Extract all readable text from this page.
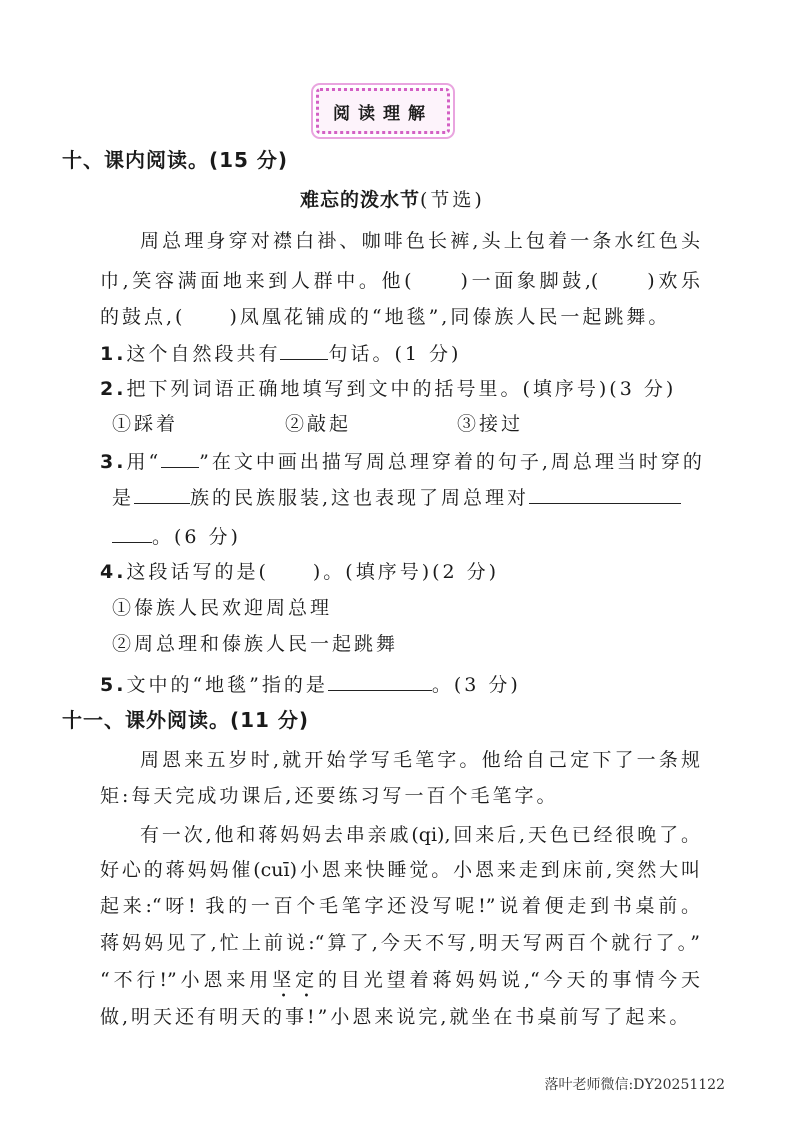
阅读理解
十、课内阅读。(15 分)
难忘的泼水节(节选)
周总理身穿对襟白褂、咖啡色长裤,头上包着一条水红色头
巾,笑容满面地来到人群中。他(　　)一面象脚鼓,(　　)欢乐
的鼓点,(　　)凤凰花铺成的“地毯”,同傣族人民一起跳舞。
1.这个自然段共有	句话。(1 分)
2.把下列词语正确地填写到文中的括号里。(填序号)(3 分)
①踩着	②敲起	③接过
3.用“ ”在文中画出描写周总理穿着的句子,周总理当时穿的
是	族的民族服装,这也表现了周总理对
。(6 分)
4.这段话写的是(　　)。(填序号)(2 分)
①傣族人民欢迎周总理
②周总理和傣族人民一起跳舞
5.文中的“地毯”指的是	。(3 分)
十一、课外阅读。(11 分)
周恩来五岁时,就开始学写毛笔字。他给自己定下了一条规
矩:每天完成功课后,还要练习写一百个毛笔字。
有一次,他和蒋妈妈去串亲戚(qi),回来后,天色已经很晚了。
好心的蒋妈妈催(cuī)小恩来快睡觉。小恩来走到床前,突然大叫
起来:“呀! 我的一百个毛笔字还没写呢!”说着便走到书桌前。
蒋妈妈见了,忙上前说:“算了,今天不写,明天写两百个就行了。”
“不行!”小恩来用坚定的目光望着蒋妈妈说,“今天的事情今天
做,明天还有明天的事!”小恩来说完,就坐在书桌前写了起来。
落叶老师微信:DY20251122
